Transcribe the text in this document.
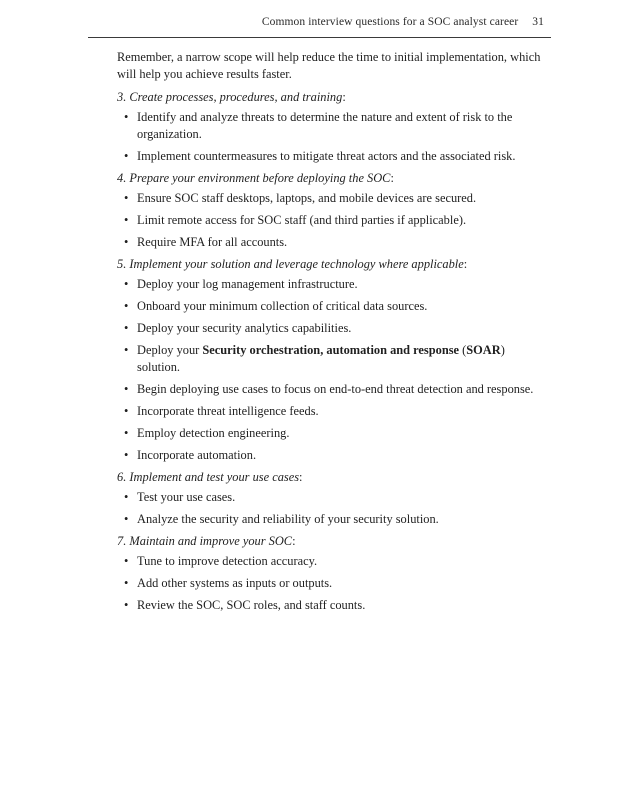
Common interview questions for a SOC analyst career 31

Remember, a narrow scope will help reduce the time to initial implementation, which will help you achieve results faster.

3. Create processes, procedures, and training:

• Identify and analyze threats to determine the nature and extent of risk to the organization.
• Implement countermeasures to mitigate threat actors and the associated risk.

4. Prepare your environment before deploying the SOC:

• Ensure SOC staff desktops, laptops, and mobile devices are secured.
• Limit remote access for SOC staff (and third parties if applicable).
• Require MFA for all accounts.

5. Implement your solution and leverage technology where applicable:

• Deploy your log management infrastructure.
• Onboard your minimum collection of critical data sources.
• Deploy your security analytics capabilities.
• Deploy your Security orchestration, automation and response (SOAR) solution.
• Begin deploying use cases to focus on end-to-end threat detection and response.
• Incorporate threat intelligence feeds.
• Employ detection engineering.
• Incorporate automation.

6. Implement and test your use cases:

• Test your use cases.
• Analyze the security and reliability of your security solution.

7. Maintain and improve your SOC:

• Tune to improve detection accuracy.
• Add other systems as inputs or outputs.
• Review the SOC, SOC roles, and staff counts.
